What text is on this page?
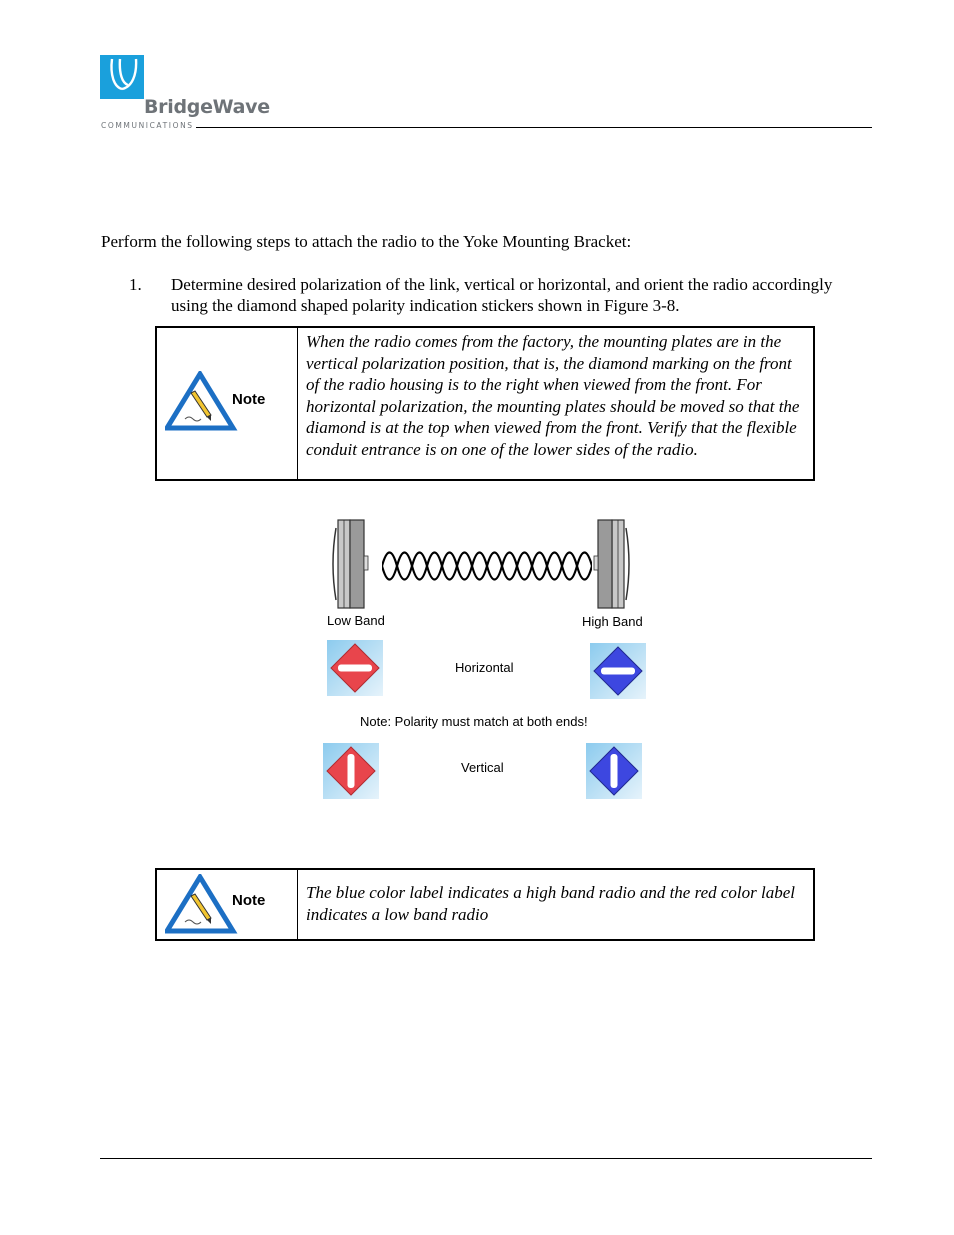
BridgeWave
COMMUNICATIONS
Perform the following steps to attach the radio to the Yoke Mounting Bracket:
1. Determine desired polarization of the link, vertical or horizontal, and orient the radio accordingly using the diamond shaped polarity indication stickers shown in Figure 3-8.
Note
When the radio comes from the factory, the mounting plates are in the vertical polarization position, that is, the diamond marking on the front of the radio housing is to the right when viewed from the front. For horizontal polarization, the mounting plates should be moved so that the diamond is at the top when viewed from the front. Verify that the flexible conduit entrance is on one of the lower sides of the radio.
Low Band	High Band
Horizontal
Note: Polarity must match at both ends!
Vertical
Note	The blue color label indicates a high band radio and the red color label indicates a low band radio
